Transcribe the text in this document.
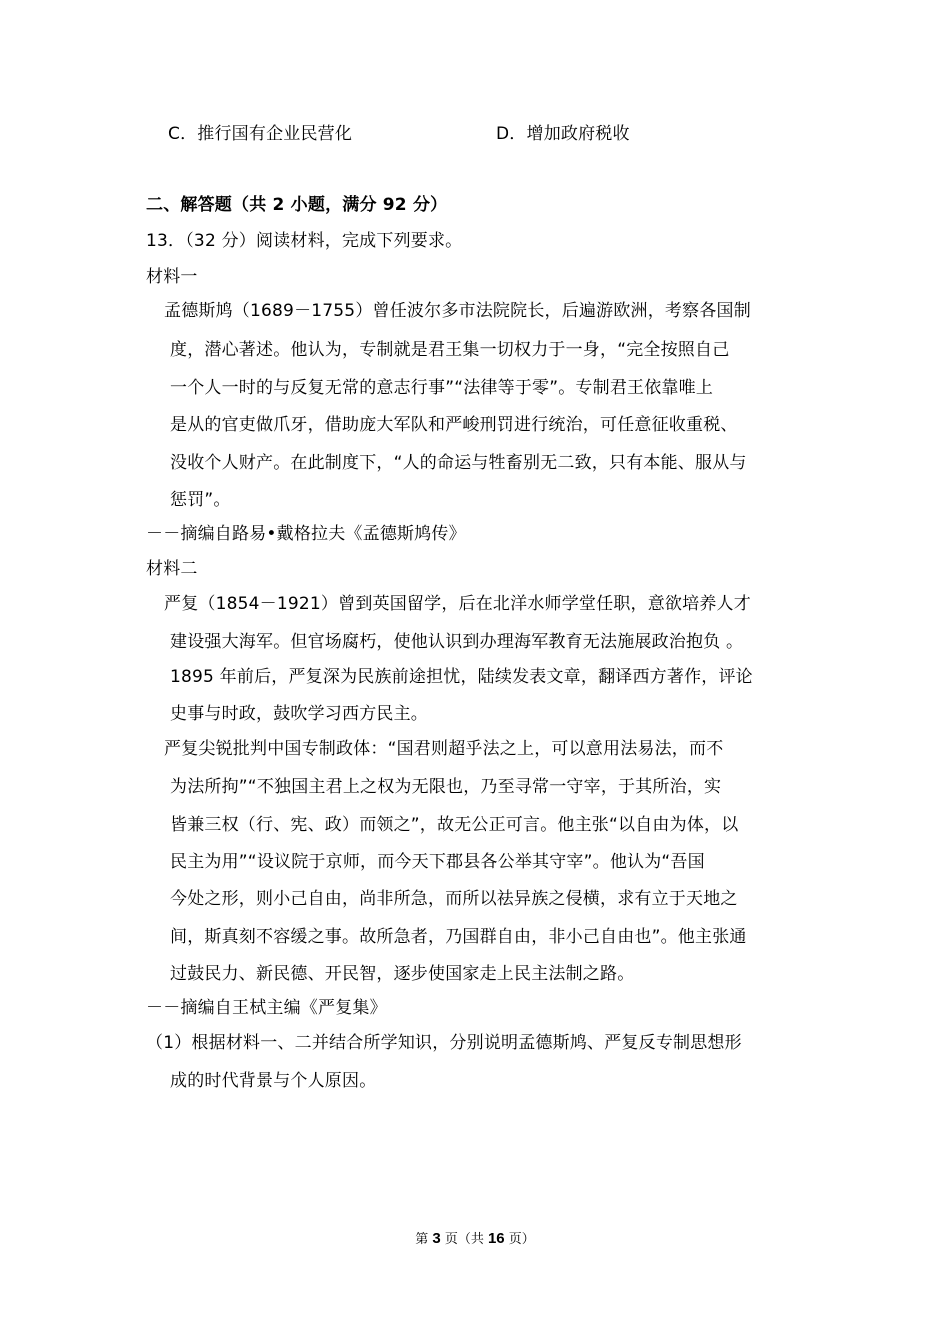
C．推行国有企业民营化	D．增加政府税收
二、解答题（共 2 小题，满分 92 分）
13．（32 分）阅读材料，完成下列要求。
材料一
孟德斯鸠（1689－1755）曾任波尔多市法院院长，后遍游欧洲，考察各国制
度，潜心著述。他认为，专制就是君王集一切权力于一身，“完全按照自己
一个人一时的与反复无常的意志行事”“法律等于零”。专制君王依靠唯上
是从的官吏做爪牙，借助庞大军队和严峻刑罚进行统治，可任意征收重税、
没收个人财产。在此制度下，“人的命运与牲畜别无二致，只有本能、服从与
惩罚”。
－－摘编自路易•戴格拉夫《孟德斯鸠传》
材料二
严复（1854－1921）曾到英国留学，后在北洋水师学堂任职，意欲培养人才
建设强大海军。但官场腐朽，使他认识到办理海军教育无法施展政治抱负 。
1895 年前后，严复深为民族前途担忧，陆续发表文章，翻译西方著作，评论
史事与时政，鼓吹学习西方民主。
严复尖锐批判中国专制政体：“国君则超乎法之上，可以意用法易法，而不
为法所拘”“不独国主君上之权为无限也，乃至寻常一守宰，于其所治，实
皆兼三权（行、宪、政）而领之”，故无公正可言。他主张“以自由为体，以
民主为用”“设议院于京师，而今天下郡县各公举其守宰”。他认为“吾国
今处之形，则小己自由，尚非所急，而所以祛异族之侵横，求有立于天地之
间，斯真刻不容缓之事。故所急者，乃国群自由，非小己自由也”。他主张通
过鼓民力、新民德、开民智，逐步使国家走上民主法制之路。
－－摘编自王栻主编《严复集》
（1）根据材料一、二并结合所学知识，分别说明孟德斯鸠、严复反专制思想形
成的时代背景与个人原因。
第 3 页（共 16 页）
